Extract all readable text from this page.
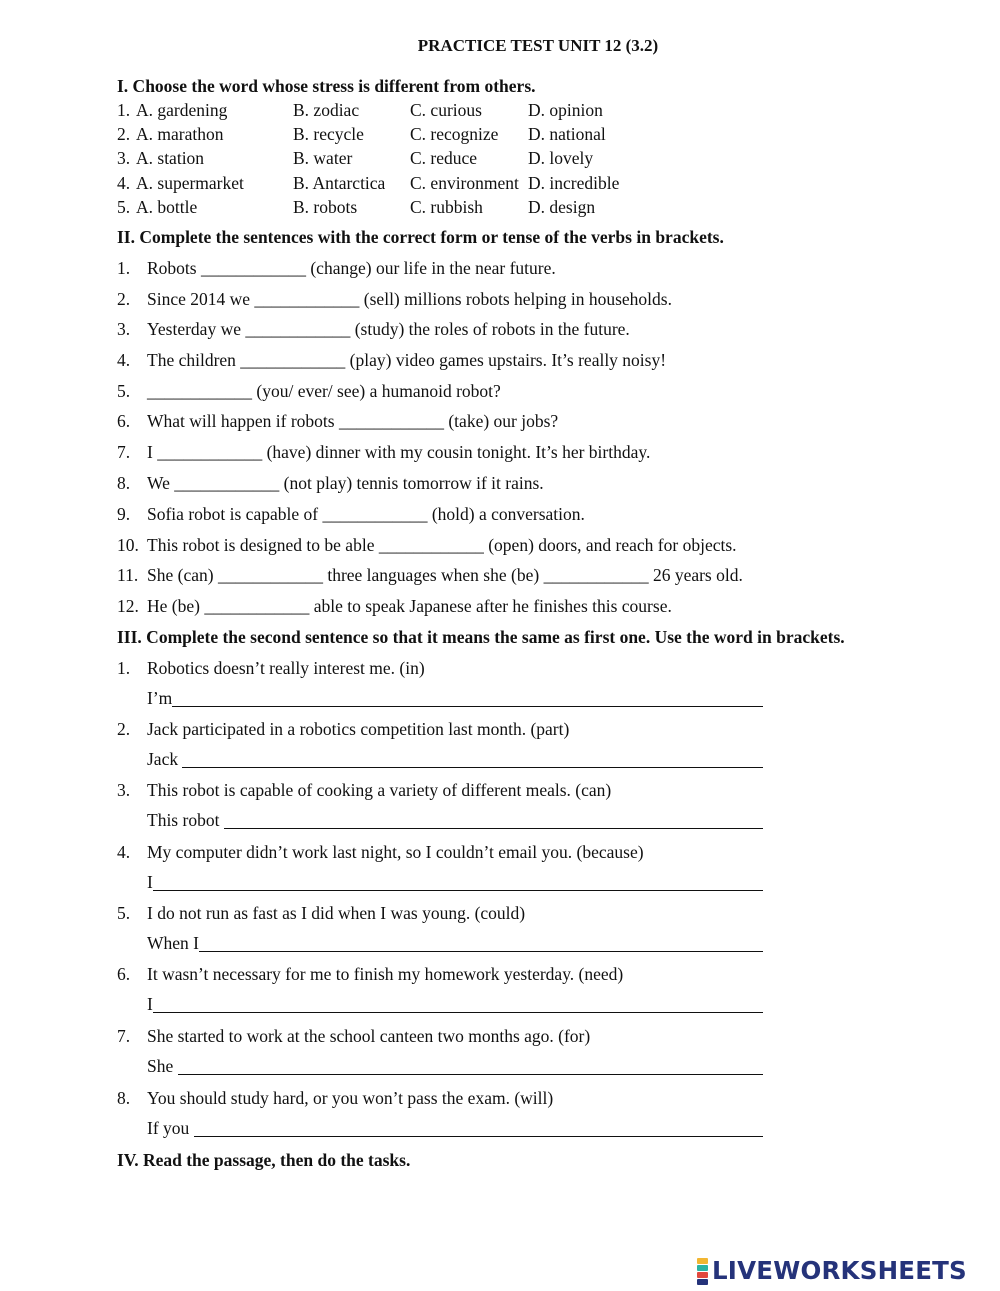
PRACTICE TEST UNIT 12 (3.2)
I. Choose the word whose stress is different from others.
1. A. gardening	B. zodiac	C. curious	D. opinion
2. A. marathon	B. recycle	C. recognize D. national
3. A. station	B. water	C. reduce	D. lovely
4. A. supermarket	B. Antarctica C. environment D. incredible
5. A. bottle	B. robots	C. rubbish	D. design
II. Complete the sentences with the correct form or tense of the verbs in brackets.
1. Robots ____________ (change) our life in the near future.
2. Since 2014 we ____________ (sell) millions robots helping in households.
3. Yesterday we ____________ (study) the roles of robots in the future.
4. The children ____________ (play) video games upstairs. It’s really noisy!
5. ____________ (you/ ever/ see) a humanoid robot?
6. What will happen if robots ____________ (take) our jobs?
7. I ____________ (have) dinner with my cousin tonight. It’s her birthday.
8. We ____________ (not play) tennis tomorrow if it rains.
9. Sofia robot is capable of ____________ (hold) a conversation.
10. This robot is designed to be able ____________ (open) doors, and reach for objects.
11. She (can) ____________ three languages when she (be) ____________ 26 years old.
12. He (be) ____________ able to speak Japanese after he finishes this course.
III. Complete the second sentence so that it means the same as first one. Use the word in brackets.
1. Robotics doesn’t really interest me. (in)
I’m
2. Jack participated in a robotics competition last month. (part)
Jack
3. This robot is capable of cooking a variety of different meals. (can)
This robot
4. My computer didn’t work last night, so I couldn’t email you. (because)
I
5. I do not run as fast as I did when I was young. (could)
When I
6. It wasn’t necessary for me to finish my homework yesterday. (need)
I
7. She started to work at the school canteen two months ago. (for)
She
8. You should study hard, or you won’t pass the exam. (will)
If you
IV. Read the passage, then do the tasks.
LIVEWORKSHEETS
